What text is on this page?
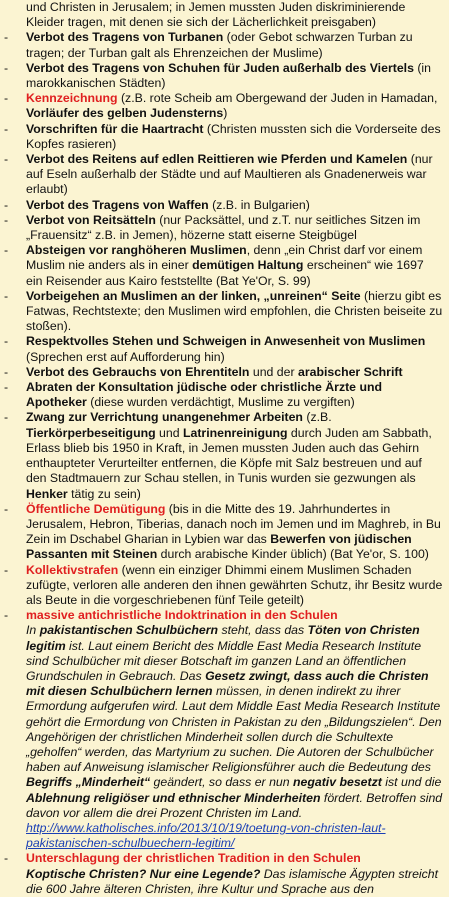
und Christen in Jerusalem; in Jemen mussten Juden diskriminierende Kleider tragen, mit denen sie sich der Lächerlichkeit preisgaben)
- Verbot des Tragens von Turbanen (oder Gebot schwarzen Turban zu tragen; der Turban galt als Ehrenzeichen der Muslime)
- Verbot des Tragens von Schuhen für Juden außerhalb des Viertels (in marokkanischen Städten)
- Kennzeichnung (z.B. rote Scheib am Obergewand der Juden in Hamadan, Vorläufer des gelben Judensterns)
- Vorschriften für die Haartracht (Christen mussten sich die Vorderseite des Kopfes rasieren)
- Verbot des Reitens auf edlen Reittieren wie Pferden und Kamelen (nur auf Eseln außerhalb der Städte und auf Maultieren als Gnadenerweis war erlaubt)
- Verbot des Tragens von Waffen (z.B. in Bulgarien)
- Verbot von Reitsätteln (nur Packsättel, und z.T. nur seitliches Sitzen im „Frauensitz“ z.B. in Jemen), hözerne statt eiserne Steigbügel
- Absteigen vor ranghöheren Muslimen, denn „ein Christ darf vor einem Muslim nie anders als in einer demütigen Haltung erscheinen“ wie 1697 ein Reisender aus Kairo feststellte (Bat Ye'Or, S. 99)
- Vorbeigehen an Muslimen an der linken, „unreinen“ Seite (hierzu gibt es Fatwas, Rechtstexte; den Muslimen wird empfohlen, die Christen beiseite zu stoßen).
- Respektvolles Stehen und Schweigen in Anwesenheit von Muslimen (Sprechen erst auf Aufforderung hin)
- Verbot des Gebrauchs von Ehrentiteln und der arabischer Schrift
- Abraten der Konsultation jüdische oder christliche Ärzte und Apotheker (diese wurden verdächtigt, Muslime zu vergiften)
- Zwang zur Verrichtung unangenehmer Arbeiten (z.B. Tierkörperbeseitigung und Latrinenreinigung durch Juden am Sabbath, Erlass blieb bis 1950 in Kraft, in Jemen mussten Juden auch das Gehirn enthaupteter Verurteilter entfernen, die Köpfe mit Salz bestreuen und auf den Stadtmauern zur Schau stellen, in Tunis wurden sie gezwungen als Henker tätig zu sein)
- Öffentliche Demütigung (bis in die Mitte des 19. Jahrhundertes in Jerusalem, Hebron, Tiberias, danach noch im Jemen und im Maghreb, in Bu Zein im Dschabel Gharian in Lybien war das Bewerfen von jüdischen Passanten mit Steinen durch arabische Kinder üblich) (Bat Ye'or, S. 100)
- Kollektivstrafen (wenn ein einziger Dhimmi einem Muslimen Schaden zufügte, verloren alle anderen den ihnen gewährten Schutz, ihr Besitz wurde als Beute in die vorgeschriebenen fünf Teile geteilt)
- massive antichristliche Indoktrination in den Schulen
In pakistantischen Schulbüchern steht, dass das Töten von Christen legitim ist. Laut einem Bericht des Middle East Media Research Institute sind Schulbücher mit dieser Botschaft im ganzen Land an öffentlichen Grundschulen in Gebrauch. Das Gesetz zwingt, dass auch die Christen mit diesen Schulbüchern lernen müssen, in denen indirekt zu ihrer Ermordung aufgerufen wird. Laut dem Middle East Media Research Institute gehört die Ermordung von Christen in Pakistan zu den „Bildungszielen“. Den Angehörigen der christlichen Minderheit sollen durch die Schultexte „geholfen“ werden, das Martyrium zu suchen. Die Autoren der Schulbücher haben auf Anweisung islamischer Religionsführer auch die Bedeutung des Begriffs „Minderheit“ geändert, so dass er nun negativ besetzt ist und die Ablehnung religiöser und ethnischer Minderheiten fördert. Betroffen sind davon vor allem die drei Prozent Christen im Land.
http://www.katholisches.info/2013/10/19/toetung-von-christen-laut-
pakistanischen-schulbuechern-legitim/
- Unterschlagung der christlichen Tradition in den Schulen
Koptische Christen? Nur eine Legende? Das islamische Ägypten streicht die 600 Jahre älteren Christen, ihre Kultur und Sprache aus den
